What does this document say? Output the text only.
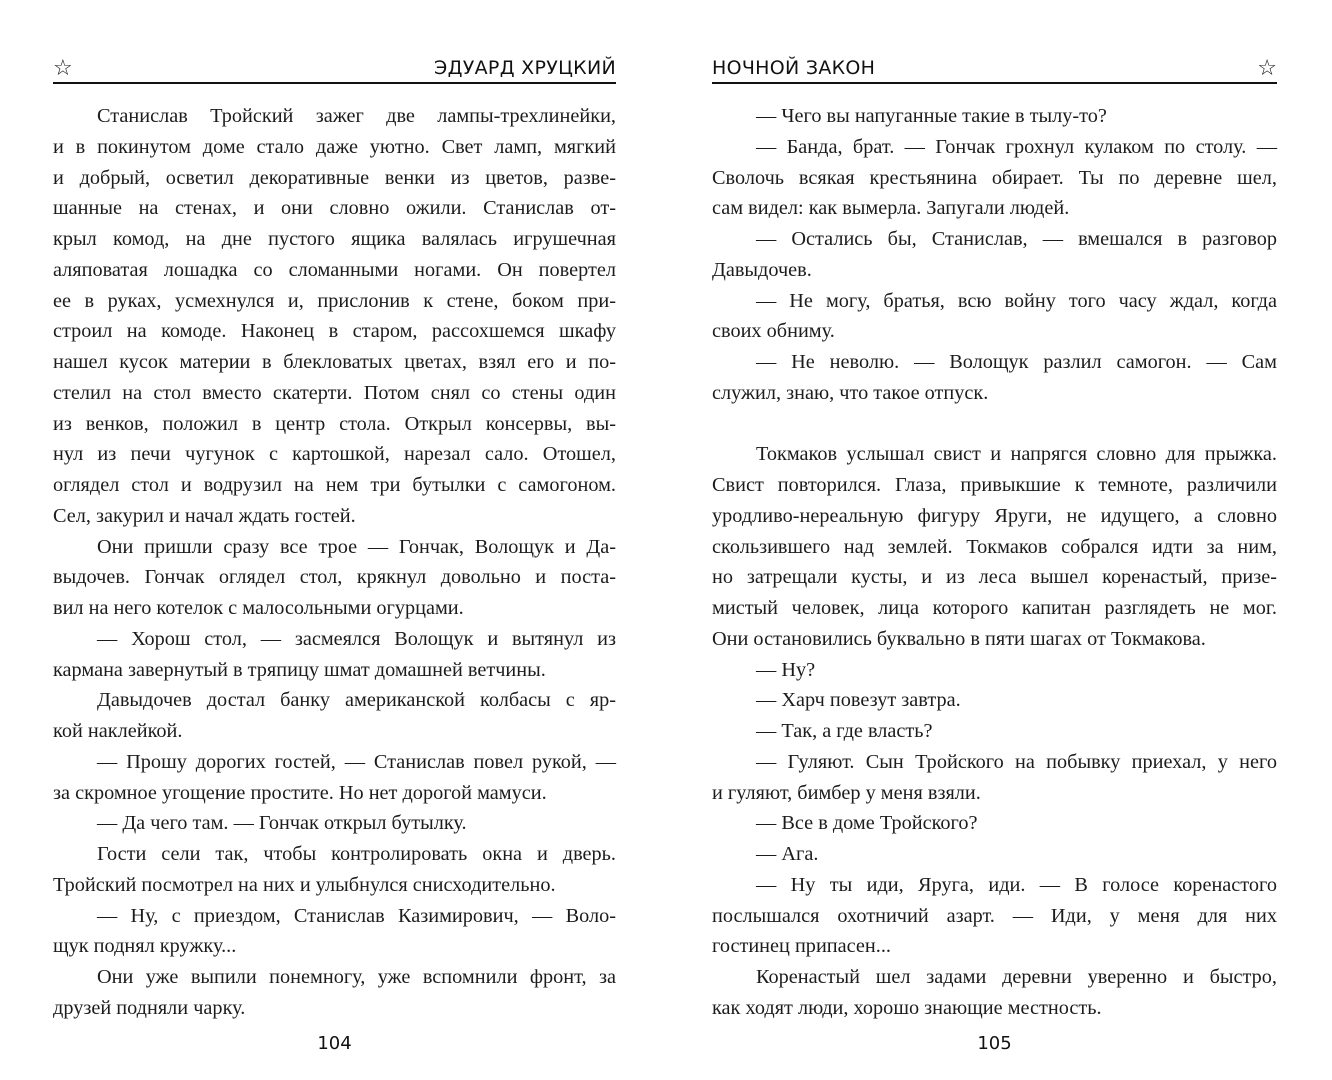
☆	ЭДУАРД ХРУЦКИЙ
Станислав Тройский зажег две лампы-трехлинейки,
и в покинутом доме стало даже уютно. Свет ламп, мягкий
и добрый, осветил декоративные венки из цветов, разве-
шанные на стенах, и они словно ожили. Станислав от-
крыл комод, на дне пустого ящика валялась игрушечная
аляповатая лошадка со сломанными ногами. Он повертел
ее в руках, усмехнулся и, прислонив к стене, боком при-
строил на комоде. Наконец в старом, рассохшемся шкафу
нашел кусок материи в блекловатых цветах, взял его и по-
стелил на стол вместо скатерти. Потом снял со стены один
из венков, положил в центр стола. Открыл консервы, вы-
нул из печи чугунок с картошкой, нарезал сало. Отошел,
оглядел стол и водрузил на нем три бутылки с самогоном.
Сел, закурил и начал ждать гостей.
Они пришли сразу все трое — Гончак, Волощук и Да-
выдочев. Гончак оглядел стол, крякнул довольно и поста-
вил на него котелок с малосольными огурцами.
— Хорош стол, — засмеялся Волощук и вытянул из
кармана завернутый в тряпицу шмат домашней ветчины.
Давыдочев достал банку американской колбасы с яр-
кой наклейкой.
— Прошу дорогих гостей, — Станислав повел рукой, —
за скромное угощение простите. Но нет дорогой мамуси.
— Да чего там. — Гончак открыл бутылку.
Гости сели так, чтобы контролировать окна и дверь.
Тройский посмотрел на них и улыбнулся снисходительно.
— Ну, с приездом, Станислав Казимирович, — Воло-
щук поднял кружку...
Они уже выпили понемногу, уже вспомнили фронт, за
друзей подняли чарку.
104
НОЧНОЙ ЗАКОН	☆
— Чего вы напуганные такие в тылу-то?
— Банда, брат. — Гончак грохнул кулаком по столу. —
Сволочь всякая крестьянина обирает. Ты по деревне шел,
сам видел: как вымерла. Запугали людей.
— Остались бы, Станислав, — вмешался в разговор
Давыдочев.
— Не могу, братья, всю войну того часу ждал, когда
своих обниму.
— Не неволю. — Волощук разлил самогон. — Сам
служил, знаю, что такое отпуск.
Токмаков услышал свист и напрягся словно для прыжка.
Свист повторился. Глаза, привыкшие к темноте, различили
уродливо-нереальную фигуру Яруги, не идущего, а словно
скользившего над землей. Токмаков собрался идти за ним,
но затрещали кусты, и из леса вышел коренастый, призе-
мистый человек, лица которого капитан разглядеть не мог.
Они остановились буквально в пяти шагах от Токмакова.
— Ну?
— Харч повезут завтра.
— Так, а где власть?
— Гуляют. Сын Тройского на побывку приехал, у него
и гуляют, бимбер у меня взяли.
— Все в доме Тройского?
— Ага.
— Ну ты иди, Яруга, иди. — В голосе коренастого
послышался охотничий азарт. — Иди, у меня для них
гостинец припасен...
Коренастый шел задами деревни уверенно и быстро,
как ходят люди, хорошо знающие местность.
105
